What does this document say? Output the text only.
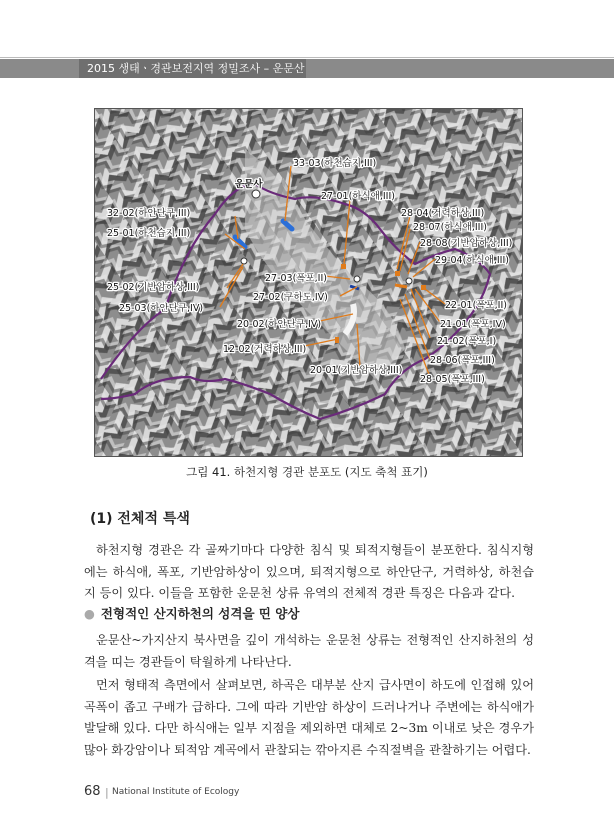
2015 생태ㆍ경관보전지역 정밀조사 – 운문산
운문사
33-03(하천습지,III)
27-01(하식애,III)
32-02(하안단구,III)	28-04(거력하상,III)
25-01(하천습지,III)
28-07(하식애,III)
28-08(기반암하상,III)
29-04(하식애,III)
27-03(폭포,II)
25-02(기반암하상,III)
27-02(구하도,IV)
22-01(폭포,II)
25-03(하안단구,IV)
20-02(하안단구,IV)	21-01(폭포,IV)
21-02(폭포,I)
12-02(거력하상,III)
28-06(폭포,III)
20-01(기반암하상,III)
28-05(폭포,III)
그림 41. 하천지형 경관 분포도 (지도 축척 표기)
(1) 전체적 특색

하천지형 경관은 각 골짜기마다 다양한 침식 및 퇴적지형들이 분포한다. 침식지형에는 하식애, 폭포, 기반암하상이 있으며, 퇴적지형으로 하안단구, 거력하상, 하천습지 등이 있다. 이들을 포함한 운문천 상류 유역의 전체적 경관 특징은 다음과 같다.

● 전형적인 산지하천의 성격을 띤 양상

운문산~가지산지 북사면을 깊이 개석하는 운문천 상류는 전형적인 산지하천의 성격을 띠는 경관들이 탁월하게 나타난다.

먼저 형태적 측면에서 살펴보면, 하곡은 대부분 산지 급사면이 하도에 인접해 있어 곡폭이 좁고 구배가 급하다. 그에 따라 기반암 하상이 드러나거나 주변에는 하식애가 발달해 있다. 다만 하식애는 일부 지점을 제외하면 대체로 2~3m 이내로 낮은 경우가 많아 화강암이나 퇴적암 계곡에서 관찰되는 깎아지른 수직절벽을 관찰하기는 어렵다.

68 | National Institute of Ecology
